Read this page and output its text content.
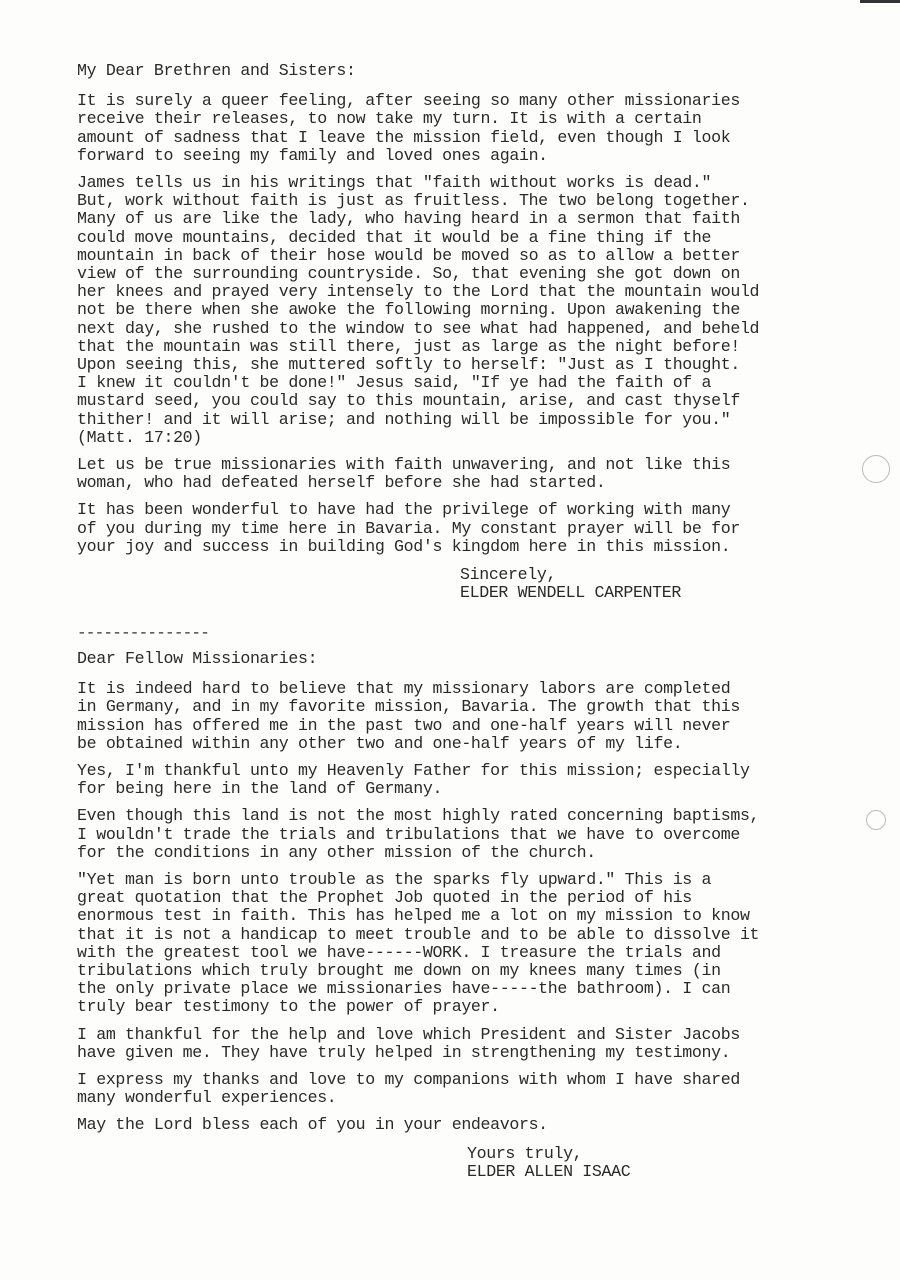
My Dear Brethren and Sisters:

It is surely a queer feeling, after seeing so many other missionaries
receive their releases, to now take my turn. It is with a certain
amount of sadness that I leave the mission field, even though I look
forward to seeing my family and loved ones again.

James tells us in his writings that "faith without works is dead."
But, work without faith is just as fruitless. The two belong together.
Many of us are like the lady, who having heard in a sermon that faith
could move mountains, decided that it would be a fine thing if the
mountain in back of their hose would be moved so as to allow a better
view of the surrounding countryside. So, that evening she got down on
her knees and prayed very intensely to the Lord that the mountain would
not be there when she awoke the following morning. Upon awakening the
next day, she rushed to the window to see what had happened, and beheld
that the mountain was still there, just as large as the night before!
Upon seeing this, she muttered softly to herself: "Just as I thought.
I knew it couldn't be done!" Jesus said, "If ye had the faith of a
mustard seed, you could say to this mountain, arise, and cast thyself
thither! and it will arise; and nothing will be impossible for you."
(Matt. 17:20)

Let us be true missionaries with faith unwavering, and not like this
woman, who had defeated herself before she had started.

It has been wonderful to have had the privilege of working with many
of you during my time here in Bavaria. My constant prayer will be for
your joy and success in building God's kingdom here in this mission.

Sincerely,
ELDER WENDELL CARPENTER
---------------

Dear Fellow Missionaries:

It is indeed hard to believe that my missionary labors are completed
in Germany, and in my favorite mission, Bavaria. The growth that this
mission has offered me in the past two and one-half years will never
be obtained within any other two and one-half years of my life.

Yes, I'm thankful unto my Heavenly Father for this mission; especially
for being here in the land of Germany.

Even though this land is not the most highly rated concerning baptisms,
I wouldn't trade the trials and tribulations that we have to overcome
for the conditions in any other mission of the church.

"Yet man is born unto trouble as the sparks fly upward." This is a
great quotation that the Prophet Job quoted in the period of his
enormous test in faith. This has helped me a lot on my mission to know
that it is not a handicap to meet trouble and to be able to dissolve it
with the greatest tool we have------WORK. I treasure the trials and
tribulations which truly brought me down on my knees many times (in
the only private place we missionaries have-----the bathroom). I can
truly bear testimony to the power of prayer.

I am thankful for the help and love which President and Sister Jacobs
have given me. They have truly helped in strengthening my testimony.

I express my thanks and love to my companions with whom I have shared
many wonderful experiences.

May the Lord bless each of you in your endeavors.

Yours truly,
ELDER ALLEN ISAAC
